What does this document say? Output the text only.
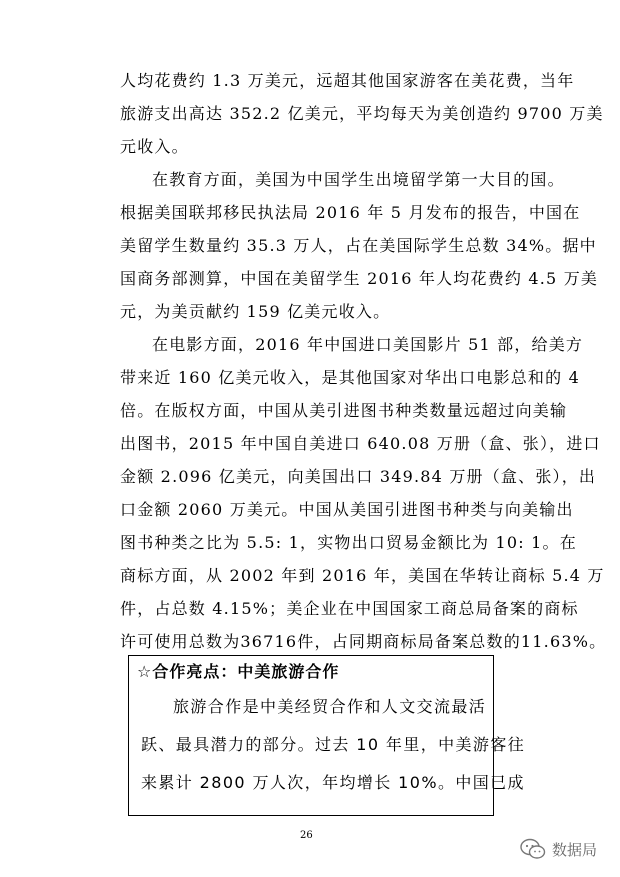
人均花费约 1.3 万美元，远超其他国家游客在美花费，当年
旅游支出高达 352.2 亿美元，平均每天为美创造约 9700 万美
元收入。

在教育方面，美国为中国学生出境留学第一大目的国。
根据美国联邦移民执法局 2016 年 5 月发布的报告，中国在
美留学生数量约 35.3 万人，占在美国际学生总数 34%。据中
国商务部测算，中国在美留学生 2016 年人均花费约 4.5 万美
元，为美贡献约 159 亿美元收入。

在电影方面，2016 年中国进口美国影片 51 部，给美方
带来近 160 亿美元收入，是其他国家对华出口电影总和的 4
倍。在版权方面，中国从美引进图书种类数量远超过向美输
出图书，2015 年中国自美进口 640.08 万册（盒、张），进口
金额 2.096 亿美元，向美国出口 349.84 万册（盒、张），出
口金额 2060 万美元。中国从美国引进图书种类与向美输出
图书种类之比为 5.5: 1，实物出口贸易金额比为 10: 1。在
商标方面，从 2002 年到 2016 年，美国在华转让商标 5.4 万
件，占总数 4.15%；美企业在中国国家工商总局备案的商标
许可使用总数为36716件，占同期商标局备案总数的11.63%。

☆合作亮点：中美旅游合作
旅游合作是中美经贸合作和人文交流最活
跃、最具潜力的部分。过去 10 年里，中美游客往
来累计 2800 万人次，年均增长 10%。中国已成
26
数据局
